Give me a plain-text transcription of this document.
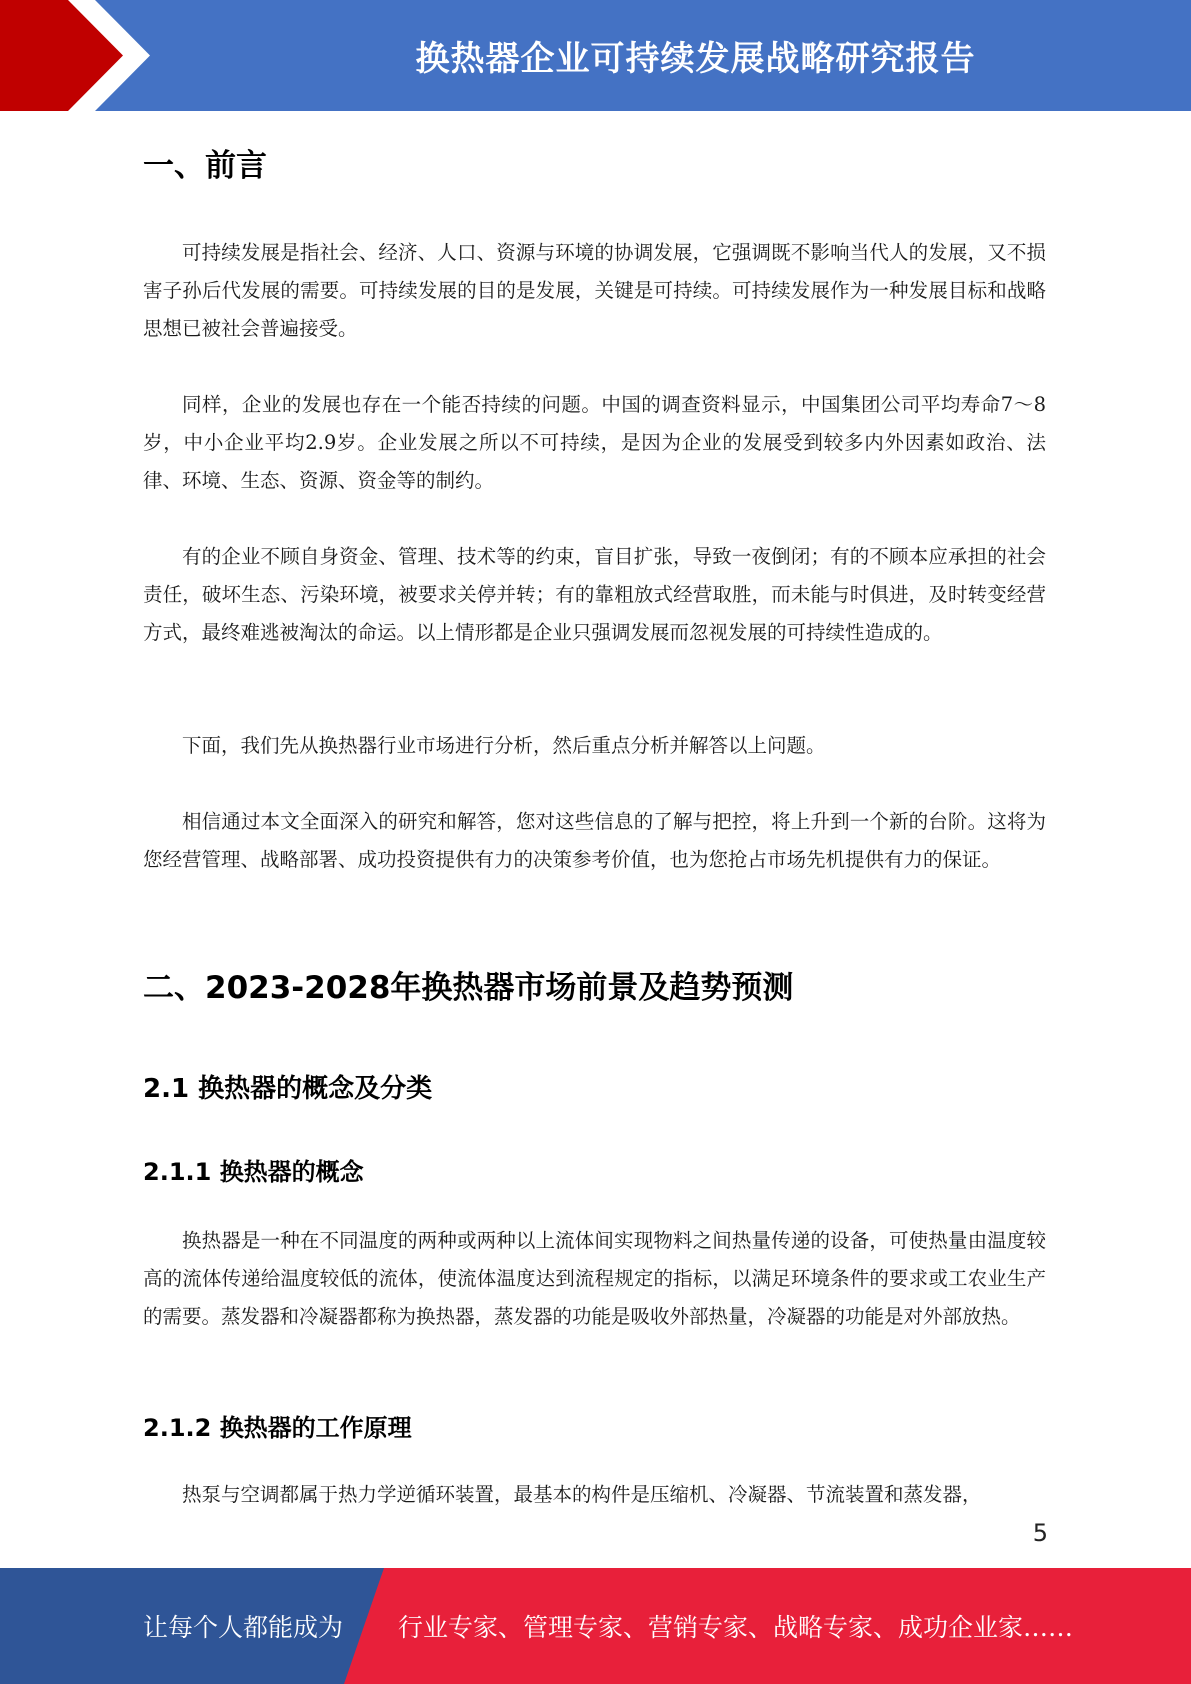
换热器企业可持续发展战略研究报告
一、前言

可持续发展是指社会、经济、人口、资源与环境的协调发展，它强调既不影响当代人的发展，又不损害子孙后代发展的需要。可持续发展的目的是发展，关键是可持续。可持续发展作为一种发展目标和战略思想已被社会普遍接受。

同样，企业的发展也存在一个能否持续的问题。中国的调查资料显示，中国集团公司平均寿命7～8岁，中小企业平均2.9岁。企业发展之所以不可持续，是因为企业的发展受到较多内外因素如政治、法律、环境、生态、资源、资金等的制约。

有的企业不顾自身资金、管理、技术等的约束，盲目扩张，导致一夜倒闭；有的不顾本应承担的社会责任，破坏生态、污染环境，被要求关停并转；有的靠粗放式经营取胜，而未能与时俱进，及时转变经营方式，最终难逃被淘汰的命运。以上情形都是企业只强调发展而忽视发展的可持续性造成的。

下面，我们先从换热器行业市场进行分析，然后重点分析并解答以上问题。

相信通过本文全面深入的研究和解答，您对这些信息的了解与把控，将上升到一个新的台阶。这将为您经营管理、战略部署、成功投资提供有力的决策参考价值，也为您抢占市场先机提供有力的保证。

二、2023-2028年换热器市场前景及趋势预测
2.1 换热器的概念及分类
2.1.1 换热器的概念

换热器是一种在不同温度的两种或两种以上流体间实现物料之间热量传递的设备，可使热量由温度较高的流体传递给温度较低的流体，使流体温度达到流程规定的指标，以满足环境条件的要求或工农业生产的需要。蒸发器和冷凝器都称为换热器，蒸发器的功能是吸收外部热量，冷凝器的功能是对外部放热。

2.1.2 换热器的工作原理

热泵与空调都属于热力学逆循环装置，最基本的构件是压缩机、冷凝器、节流装置和蒸发器，

5
让每个人都能成为 行业专家、管理专家、营销专家、战略专家、成功企业家……
